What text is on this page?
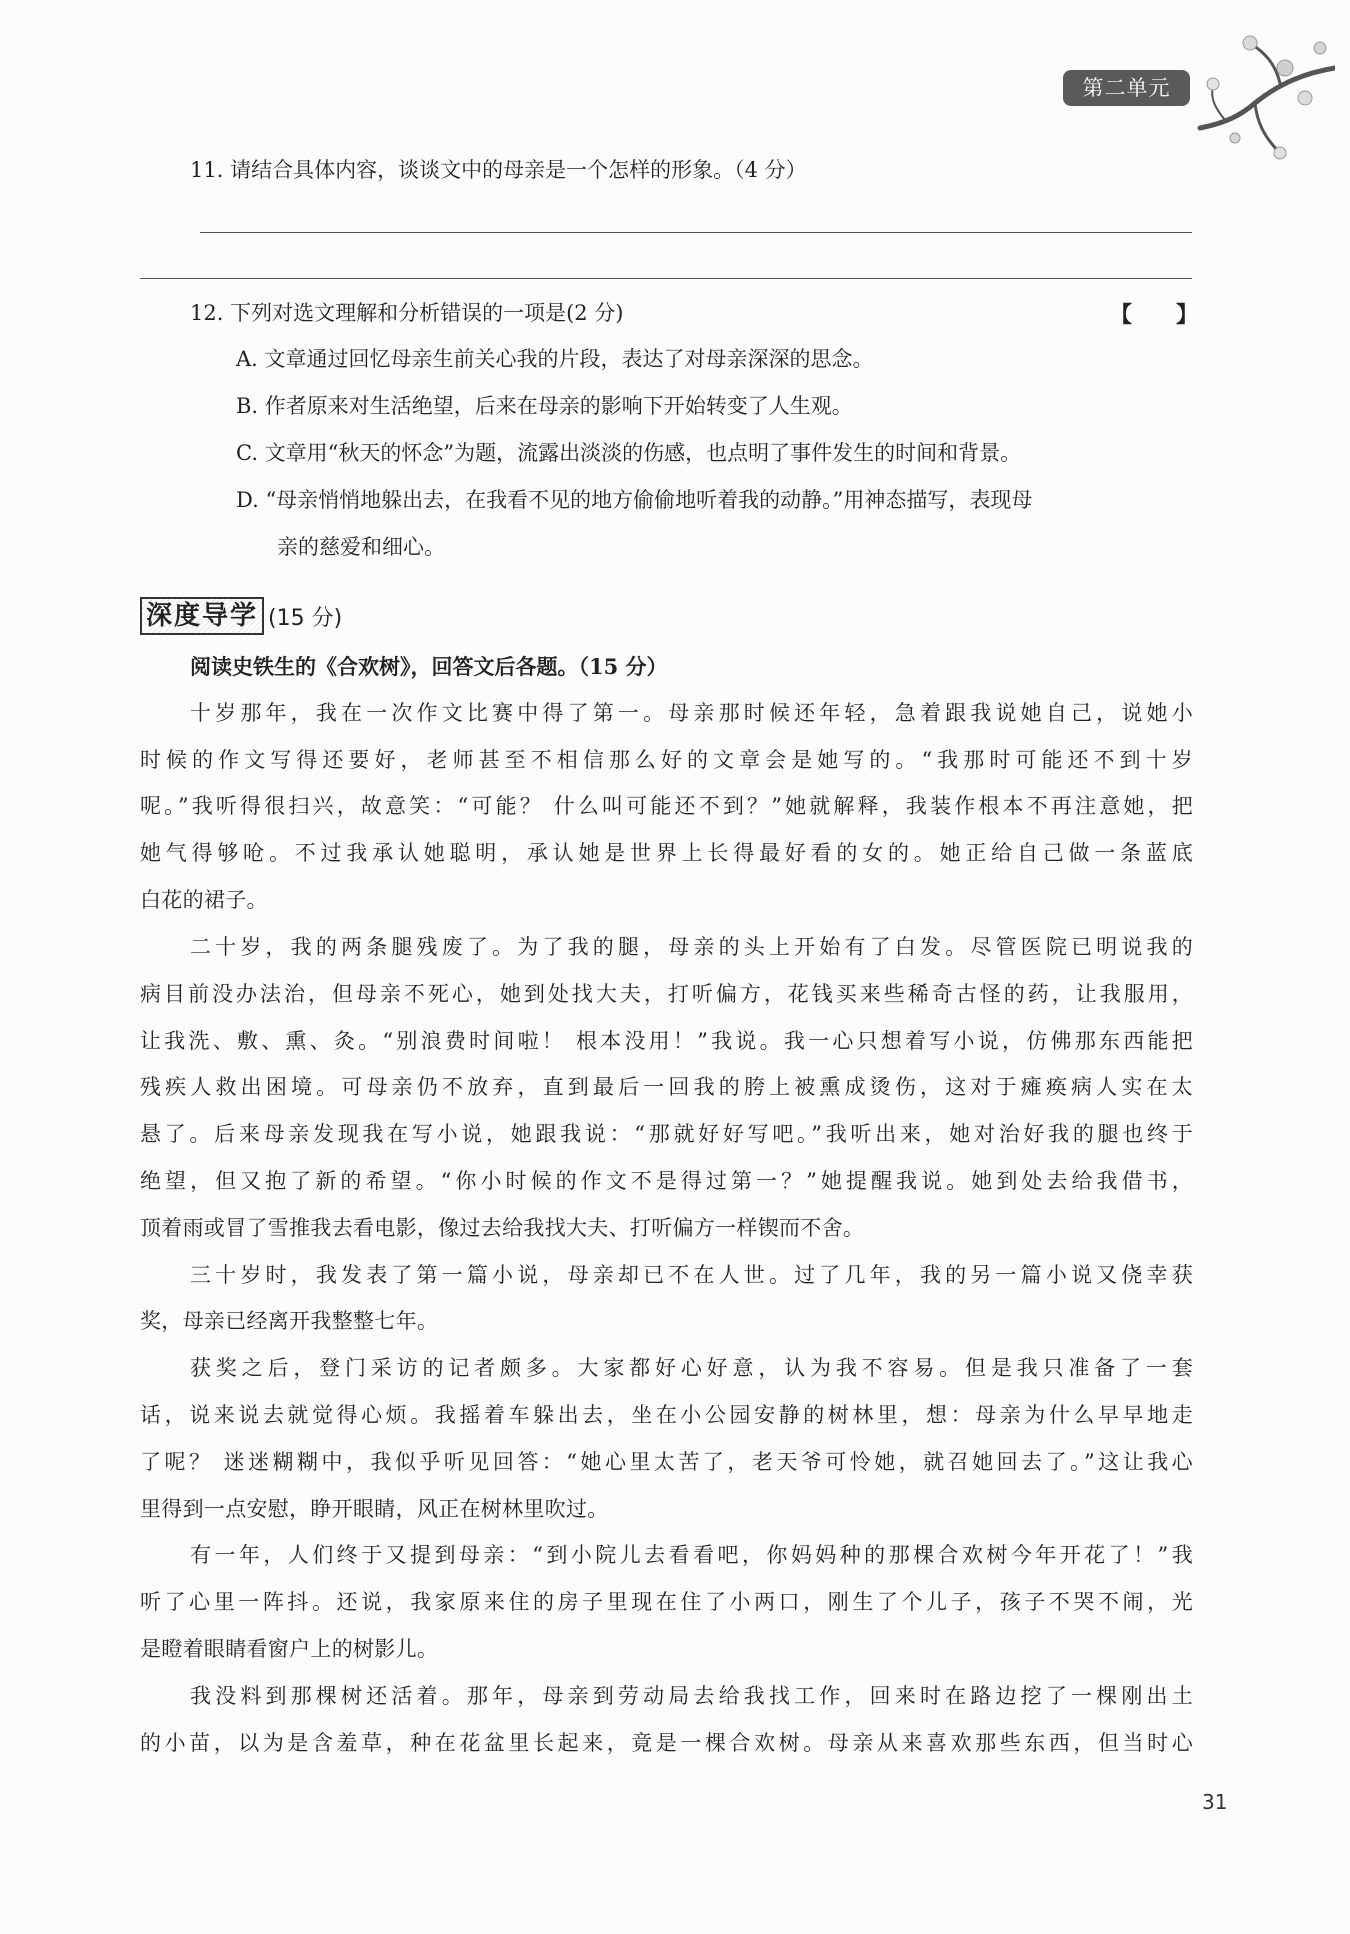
第二单元
11. 请结合具体内容，谈谈文中的母亲是一个怎样的形象。（4 分）
12. 下列对选文理解和分析错误的一项是(2 分)	【　　】
A. 文章通过回忆母亲生前关心我的片段，表达了对母亲深深的思念。
B. 作者原来对生活绝望，后来在母亲的影响下开始转变了人生观。
C. 文章用“秋天的怀念”为题，流露出淡淡的伤感，也点明了事件发生的时间和背景。
D. “母亲悄悄地躲出去，在我看不见的地方偷偷地听着我的动静。”用神态描写，表现母
亲的慈爱和细心。
深度导学 (15 分)
阅读史铁生的《合欢树》，回答文后各题。（15 分）
十岁那年，我在一次作文比赛中得了第一。母亲那时候还年轻，急着跟我说她自己，说她小
时候的作文写得还要好，老师甚至不相信那么好的文章会是她写的。“我那时可能还不到十岁
呢。”我听得很扫兴，故意笑：“可能？ 什么叫可能还不到？”她就解释，我装作根本不再注意她，把
她气得够呛。不过我承认她聪明，承认她是世界上长得最好看的女的。她正给自己做一条蓝底
白花的裙子。
二十岁，我的两条腿残废了。为了我的腿，母亲的头上开始有了白发。尽管医院已明说我的
病目前没办法治，但母亲不死心，她到处找大夫，打听偏方，花钱买来些稀奇古怪的药，让我服用，
让我洗、敷、熏、灸。“别浪费时间啦！ 根本没用！”我说。我一心只想着写小说，仿佛那东西能把
残疾人救出困境。可母亲仍不放弃，直到最后一回我的胯上被熏成烫伤，这对于瘫痪病人实在太
悬了。后来母亲发现我在写小说，她跟我说：“那就好好写吧。”我听出来，她对治好我的腿也终于
绝望，但又抱了新的希望。“你小时候的作文不是得过第一？”她提醒我说。她到处去给我借书，
顶着雨或冒了雪推我去看电影，像过去给我找大夫、打听偏方一样锲而不舍。
三十岁时，我发表了第一篇小说，母亲却已不在人世。过了几年，我的另一篇小说又侥幸获
奖，母亲已经离开我整整七年。
获奖之后，登门采访的记者颇多。大家都好心好意，认为我不容易。但是我只准备了一套
话，说来说去就觉得心烦。我摇着车躲出去，坐在小公园安静的树林里，想：母亲为什么早早地走
了呢？ 迷迷糊糊中，我似乎听见回答：“她心里太苦了，老天爷可怜她，就召她回去了。”这让我心
里得到一点安慰，睁开眼睛，风正在树林里吹过。
有一年，人们终于又提到母亲：“到小院儿去看看吧，你妈妈种的那棵合欢树今年开花了！”我
听了心里一阵抖。还说，我家原来住的房子里现在住了小两口，刚生了个儿子，孩子不哭不闹，光
是瞪着眼睛看窗户上的树影儿。
我没料到那棵树还活着。那年，母亲到劳动局去给我找工作，回来时在路边挖了一棵刚出土
的小苗，以为是含羞草，种在花盆里长起来，竟是一棵合欢树。母亲从来喜欢那些东西，但当时心
31
